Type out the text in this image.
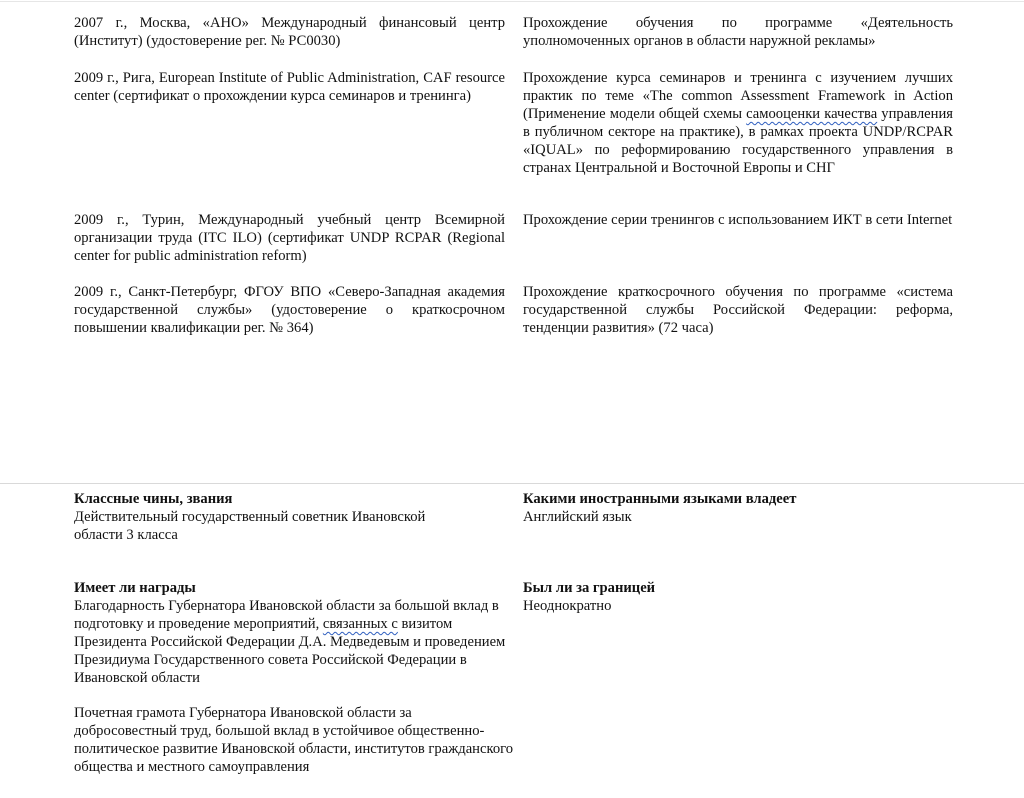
2007 г., Москва, «АНО» Международный финансовый центр (Институт) (удостоверение рег. № РС0030)

Прохождение обучения по программе «Деятельность уполномоченных органов в области наружной рекламы»

2009 г., Рига, European Institute of Public Administration, CAF resource center (сертификат о прохождении курса семинаров и тренинга)

Прохождение курса семинаров и тренинга с изучением лучших практик по теме «The common Assessment Framework in Action (Применение модели общей схемы самооценки качества управления в публичном секторе на практике), в рамках проекта UNDP/RCPAR «IQUAL» по реформированию государственного управления в странах Центральной и Восточной Европы и СНГ

2009 г., Турин, Международный учебный центр Всемирной организации труда (ITC ILO) (сертификат UNDP RCPAR (Regional center for public administration reform)

Прохождение серии тренингов с использованием ИКТ в сети Internet

2009 г., Санкт-Петербург, ФГОУ ВПО «Северо-Западная академия государственной службы» (удостоверение о краткосрочном повышении квалификации рег. № 364)

Прохождение краткосрочного обучения по программе «система государственной службы Российской Федерации: реформа, тенденции развития» (72 часа)

Классные чины, звания
Действительный государственный советник Ивановской области 3 класса
Какими иностранными языками владеет
Английский язык
Имеет ли награды
Благодарность Губернатора Ивановской области за большой вклад в подготовку и проведение мероприятий, связанных с визитом Президента Российской Федерации Д.А. Медведевым и проведением Президиума Государственного совета Российской Федерации в Ивановской области
Почетная грамота Губернатора Ивановской области за добросовестный труд, большой вклад в устойчивое общественно-политическое развитие Ивановской области, институтов гражданского общества и местного самоуправления
Был ли за границей
Неоднократно
